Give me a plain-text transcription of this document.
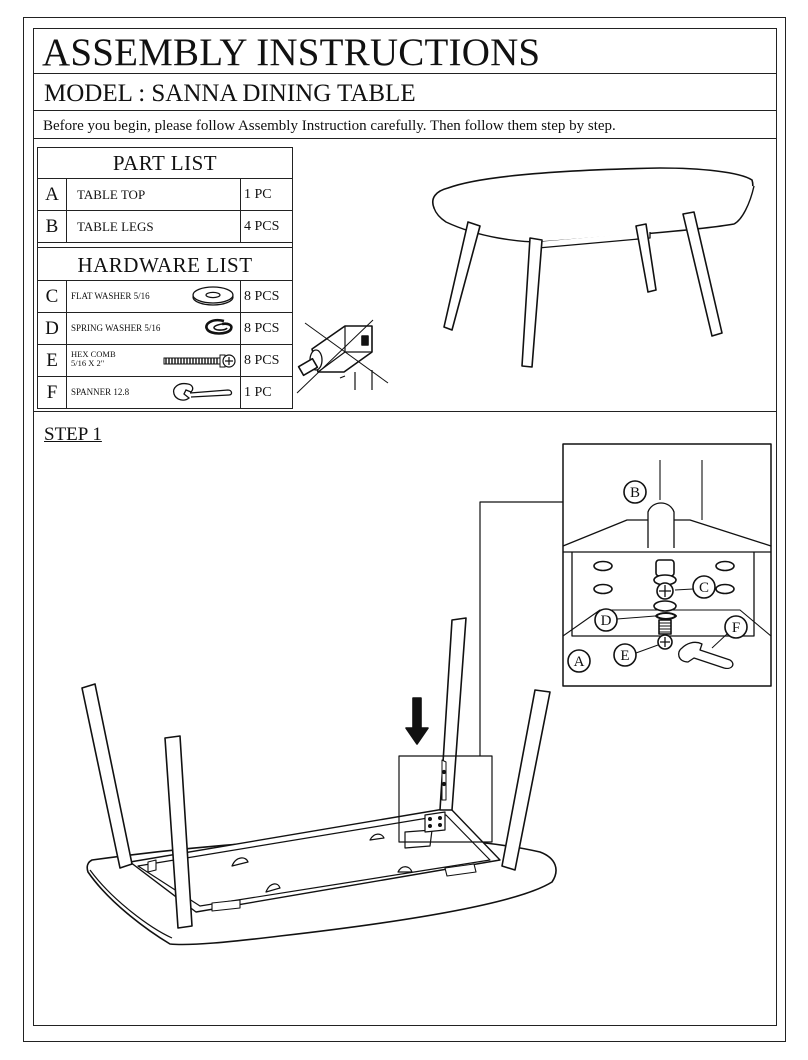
ASSEMBLY INSTRUCTIONS
MODEL : SANNA DINING TABLE
Before you begin, please follow Assembly Instruction carefully. Then follow them step by step.
PART LIST
A	TABLE TOP	1 PC
B	TABLE LEGS	4 PCS
HARDWARE LIST
C	FLAT WASHER 5/16	8 PCS
D	SPRING WASHER 5/16	8 PCS
E	HEX COMB
5/16 X 2"	8 PCS
F	SPANNER 12.8	1 PC
B
C
D
E
F
A
STEP 1
